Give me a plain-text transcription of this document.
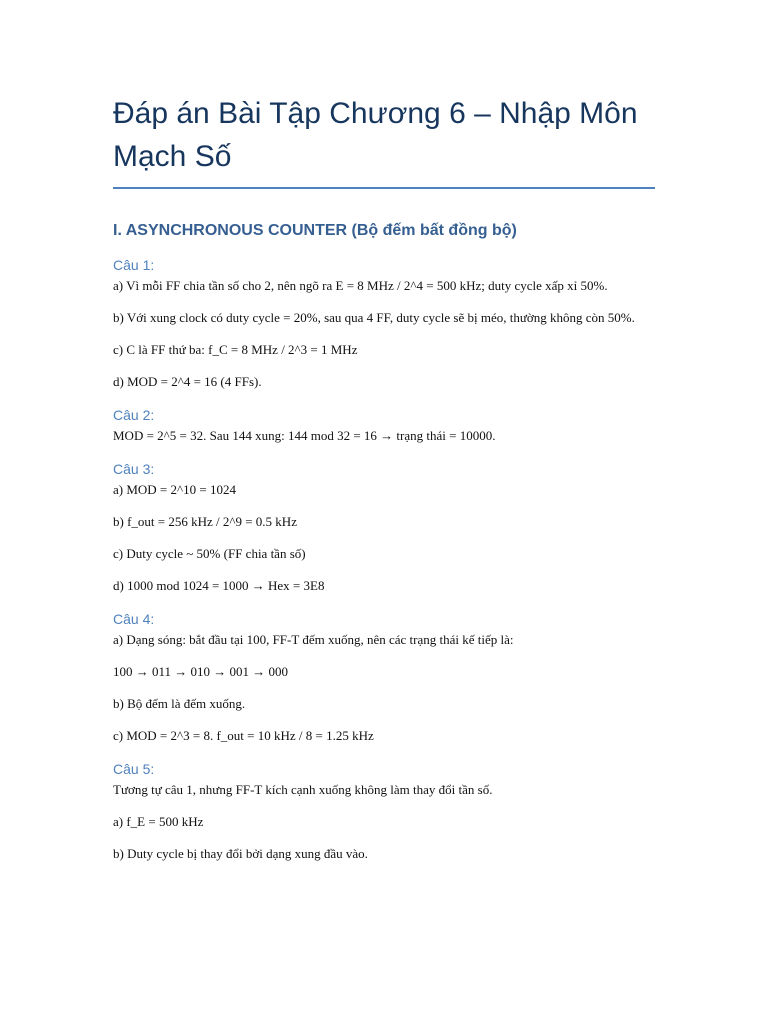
Đáp án Bài Tập Chương 6 – Nhập Môn Mạch Số
I. ASYNCHRONOUS COUNTER (Bộ đếm bất đồng bộ)
Câu 1:

a) Vì mỗi FF chia tần số cho 2, nên ngõ ra E = 8 MHz / 2^4 = 500 kHz; duty cycle xấp xỉ 50%.

b) Với xung clock có duty cycle = 20%, sau qua 4 FF, duty cycle sẽ bị méo, thường không còn 50%.

c) C là FF thứ ba: f_C = 8 MHz / 2^3 = 1 MHz

d) MOD = 2^4 = 16 (4 FFs).

Câu 2:

MOD = 2^5 = 32. Sau 144 xung: 144 mod 32 = 16 → trạng thái = 10000.

Câu 3:

a) MOD = 2^10 = 1024

b) f_out = 256 kHz / 2^9 = 0.5 kHz

c) Duty cycle ~ 50% (FF chia tần số)

d) 1000 mod 1024 = 1000 → Hex = 3E8

Câu 4:

a) Dạng sóng: bắt đầu tại 100, FF-T đếm xuống, nên các trạng thái kế tiếp là:

100 → 011 → 010 → 001 → 000

b) Bộ đếm là đếm xuống.

c) MOD = 2^3 = 8. f_out = 10 kHz / 8 = 1.25 kHz

Câu 5:

Tương tự câu 1, nhưng FF-T kích cạnh xuống không làm thay đổi tần số.

a) f_E = 500 kHz

b) Duty cycle bị thay đổi bởi dạng xung đầu vào.
